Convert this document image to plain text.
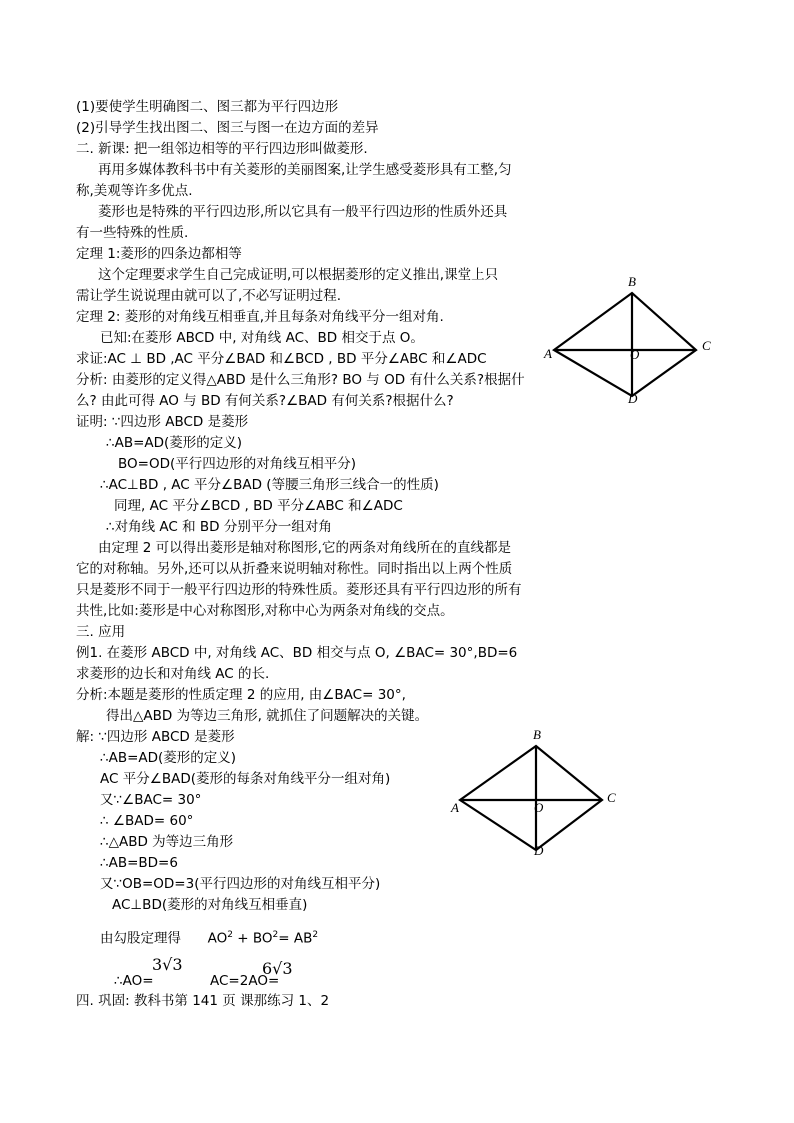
(1)要使学生明确图二、图三都为平行四边形
(2)引导学生找出图二、图三与图一在边方面的差异
二. 新课: 把一组邻边相等的平行四边形叫做菱形.
再用多媒体教科书中有关菱形的美丽图案,让学生感受菱形具有工整,匀
称,美观等许多优点.
菱形也是特殊的平行四边形,所以它具有一般平行四边形的性质外还具
有一些特殊的性质.
定理 1:菱形的四条边都相等
这个定理要求学生自己完成证明,可以根据菱形的定义推出,课堂上只
需让学生说说理由就可以了,不必写证明过程.
定理 2: 菱形的对角线互相垂直,并且每条对角线平分一组对角.
已知:在菱形 ABCD 中, 对角线 AC、BD 相交于点 O。
求证:AC ⊥ BD ,AC 平分∠BAD 和∠BCD , BD 平分∠ABC 和∠ADC
分析: 由菱形的定义得△ABD 是什么三角形? BO 与 OD 有什么关系?根据什
么? 由此可得 AO 与 BD 有何关系?∠BAD 有何关系?根据什么?
证明: ∵四边形 ABCD 是菱形
∴AB=AD(菱形的定义)
BO=OD(平行四边形的对角线互相平分)
∴AC⊥BD , AC 平分∠BAD (等腰三角形三线合一的性质)
同理, AC 平分∠BCD , BD 平分∠ABC 和∠ADC
∴对角线 AC 和 BD 分别平分一组对角
由定理 2 可以得出菱形是轴对称图形,它的两条对角线所在的直线都是
它的对称轴。另外,还可以从折叠来说明轴对称性。同时指出以上两个性质
只是菱形不同于一般平行四边形的特殊性质。菱形还具有平行四边形的所有
共性,比如:菱形是中心对称图形,对称中心为两条对角线的交点。
三. 应用
例1. 在菱形 ABCD 中, 对角线 AC、BD 相交与点 O, ∠BAC= 30°,BD=6
求菱形的边长和对角线 AC 的长.
分析:本题是菱形的性质定理 2 的应用, 由∠BAC= 30°,
得出△ABD 为等边三角形, 就抓住了问题解决的关键。
解: ∵四边形 ABCD 是菱形
∴AB=AD(菱形的定义)
AC 平分∠BAD(菱形的每条对角线平分一组对角)
又∵∠BAC= 30°
∴ ∠BAD= 60°
∴△ABD 为等边三角形
∴AB=BD=6
又∵OB=OD=3(平行四边形的对角线互相平分)
AC⊥BD(菱形的对角线互相垂直)
由勾股定理得 $AO^2 + BO^2= AB^2$
∴AO=
3√3
AC=2AO=
6√3
四. 巩固: 教科书第 141 页 课那练习 1、2
B
A	O
C
D
B
A	O
C
D
